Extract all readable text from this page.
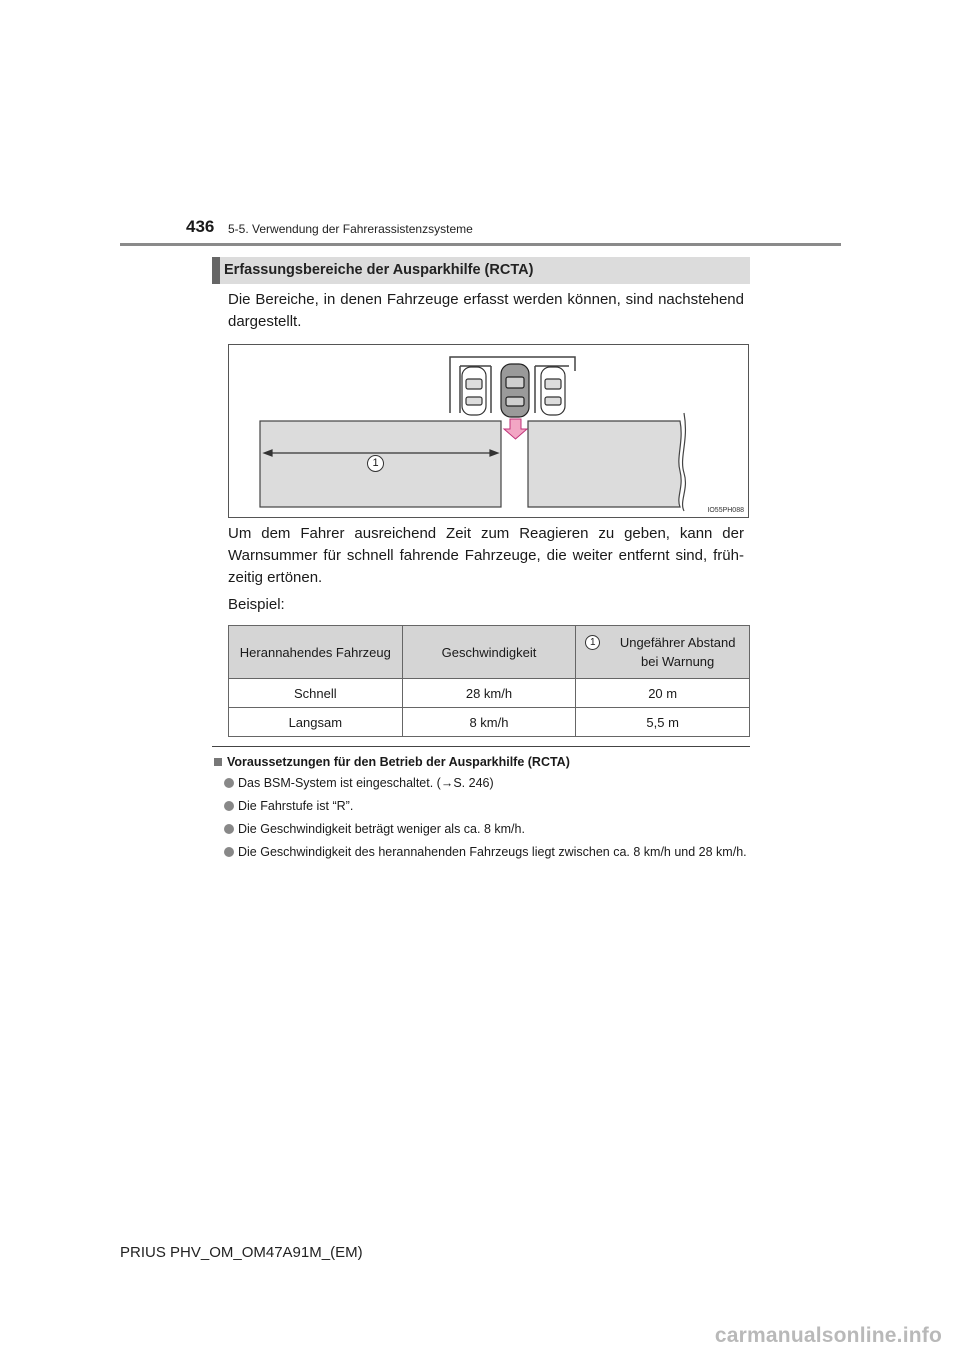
436 5-5. Verwendung der Fahrerassistenzsysteme
Erfassungsbereiche der Ausparkhilfe (RCTA)
Die Bereiche, in denen Fahrzeuge erfasst werden können, sind nachstehend dargestellt.
1
IO55PH088
Um dem Fahrer ausreichend Zeit zum Reagieren zu geben, kann der Warnsummer für schnell fahrende Fahrzeuge, die weiter entfernt sind, früh-zeitig ertönen.
Beispiel:
Herannahendes Fahrzeug	Geschwindigkeit	1 Ungefährer Abstand bei Warnung

Schnell	28 km/h	20 m
Langsam	8 km/h	5,5 m
Voraussetzungen für den Betrieb der Ausparkhilfe (RCTA)
Das BSM-System ist eingeschaltet. (→S. 246)
Die Fahrstufe ist “R”.
Die Geschwindigkeit beträgt weniger als ca. 8 km/h.
Die Geschwindigkeit des herannahenden Fahrzeugs liegt zwischen ca. 8 km/h und 28 km/h.
PRIUS PHV_OM_OM47A91M_(EM)
carmanualsonline.info
